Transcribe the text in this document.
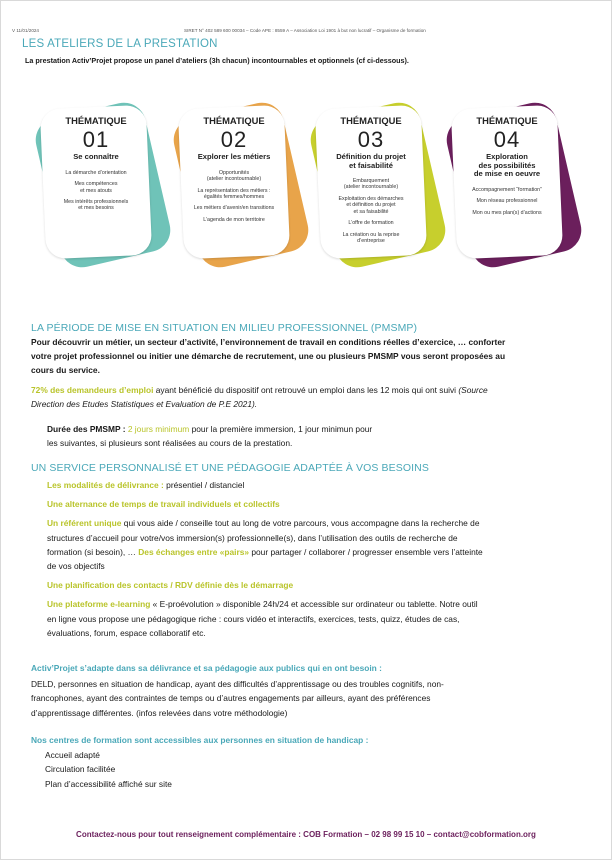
V 11/01/2024	SIRET N° 402 589 600 00034 – Code APE : 8559 A – Association Loi 1901 à but non lucratif – Organisme de formation
LES ATELIERS DE LA PRESTATION
La prestation Activ’Projet propose un panel d’ateliers (3h chacun) incontournables et optionnels (cf ci-dessous).
THÉMATIQUE
01
Se connaître
La démarche d’orientation
Mes compétences
et mes atouts
Mes intérêts professionnels
et mes besoins
THÉMATIQUE
02
Explorer les métiers
Opportunités
(atelier incontournable)
La représentation des métiers :
égalités femmes/hommes
Les métiers d’avenir/en transitions
L’agenda de mon territoire
THÉMATIQUE
03
Définition du projet
et faisabilité
Embarquement
(atelier incontournable)
Exploitation des démarches
et définition du projet
et sa faisabilité
L’offre de formation
La création ou la reprise
d’entreprise
THÉMATIQUE
04
Exploration
des possibilités
de mise en oeuvre
Accompagnement “formation”
Mon réseau professionnel
Mon ou mes plan(s) d’actions
LA PÉRIODE DE MISE EN SITUATION EN MILIEU PROFESSIONNEL (PMSMP)
Pour découvrir un métier, un secteur d’activité, l’environnement de travail en conditions réelles d’exercice, … conforter
votre projet professionnel ou initier une démarche de recrutement, une ou plusieurs PMSMP vous seront proposées au
cours du service.
72% des demandeurs d’emploi ayant bénéficié du dispositif ont retrouvé un emploi dans les 12 mois qui ont suivi (Source
Direction des Etudes Statistiques et Evaluation de P.E 2021).
Durée des PMSMP : 2 jours minimum pour la première immersion, 1 jour minimun pour
les suivantes, si plusieurs sont réalisées au cours de la prestation.
UN SERVICE PERSONNALISÉ ET UNE PÉDAGOGIE ADAPTÉE À VOS BESOINS
Les modalités de délivrance : présentiel / distanciel
Une alternance de temps de travail individuels et collectifs
Un référent unique qui vous aide / conseille tout au long de votre parcours, vous accompagne dans la recherche de
structures d’accueil pour votre/vos immersion(s) professionnelle(s), dans l’utilisation des outils de recherche de
formation (si besoin), … Des échanges entre «pairs» pour partager / collaborer / progresser ensemble vers l’atteinte
de vos objectifs
Une planification des contacts / RDV définie dès le démarrage
Une plateforme e-learning « E-proévolution » disponible 24h/24 et accessible sur ordinateur ou tablette. Notre outil
en ligne vous propose une pédagogique riche : cours vidéo et interactifs, exercices, tests, quizz, études de cas,
évaluations, forum, espace collaboratif etc.
Activ’Projet s’adapte dans sa délivrance et sa pédagogie aux publics qui en ont besoin :
DELD, personnes en situation de handicap, ayant des difficultés d’apprentissage ou des troubles cognitifs, non-
francophones, ayant des contraintes de temps ou d’autres engagements par ailleurs, ayant des préférences
d’apprentissage différentes. (infos relevées dans votre méthodologie)
Nos centres de formation sont accessibles aux personnes en situation de handicap :
Accueil adapté
Circulation facilitée
Plan d’accessibilité affiché sur site
Contactez-nous pour tout renseignement complémentaire : COB Formation – 02 98 99 15 10 – contact@cobformation.org
